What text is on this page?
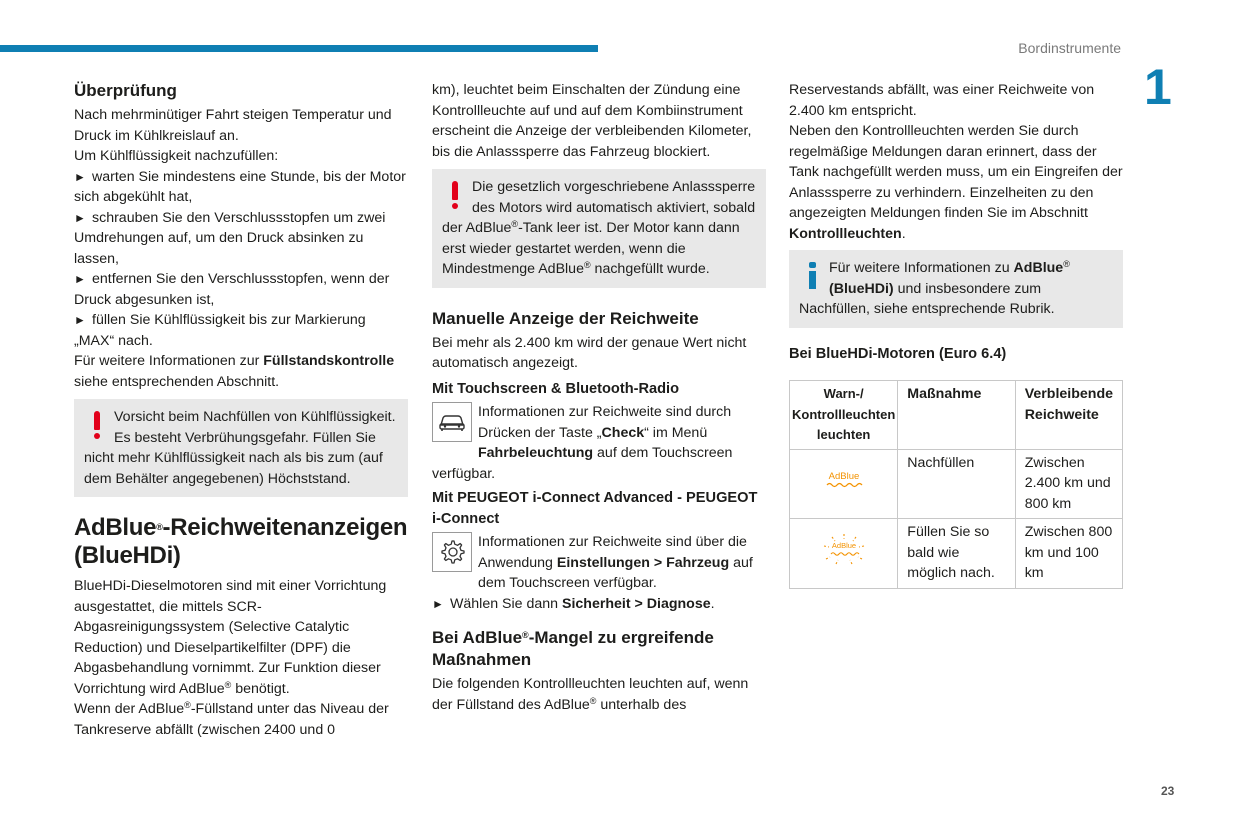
Bordinstrumente
1
23
Überprüfung

Nach mehrminütiger Fahrt steigen Temperatur und Druck im Kühlkreislauf an.

Um Kühlflüssigkeit nachzufüllen:

► warten Sie mindestens eine Stunde, bis der Motor sich abgekühlt hat,

► schrauben Sie den Verschlussstopfen um zwei Umdrehungen auf, um den Druck absinken zu lassen,

► entfernen Sie den Verschlussstopfen, wenn der Druck abgesunken ist,

► füllen Sie Kühlflüssigkeit bis zur Markierung „MAX“ nach.

Für weitere Informationen zur Füllstandskontrolle siehe entsprechenden Abschnitt.

Vorsicht beim Nachfüllen von Kühlflüssigkeit. Es besteht Verbrühungsgefahr. Füllen Sie nicht mehr Kühlflüssigkeit nach als bis zum (auf dem Behälter angegebenen) Höchststand.
AdBlue®-Reichweitenanzeigen (BlueHDi)

BlueHDi-Dieselmotoren sind mit einer Vorrichtung ausgestattet, die mittels SCR-Abgasreinigungssystem (Selective Catalytic Reduction) und Dieselpartikelfilter (DPF) die Abgasbehandlung vornimmt. Zur Funktion dieser Vorrichtung wird AdBlue® benötigt.

Wenn der AdBlue®-Füllstand unter das Niveau der Tankreserve abfällt (zwischen 2400 und 0

km), leuchtet beim Einschalten der Zündung eine Kontrollleuchte auf und auf dem Kombiinstrument erscheint die Anzeige der verbleibenden Kilometer, bis die Anlasssperre das Fahrzeug blockiert.

Die gesetzlich vorgeschriebene Anlasssperre des Motors wird automatisch aktiviert, sobald der AdBlue®-Tank leer ist. Der Motor kann dann erst wieder gestartet werden, wenn die Mindestmenge AdBlue® nachgefüllt wurde.
Manuelle Anzeige der Reichweite

Bei mehr als 2.400 km wird der genaue Wert nicht automatisch angezeigt.

Mit Touchscreen & Bluetooth-Radio

Informationen zur Reichweite sind durch Drücken der Taste „Check“ im Menü Fahrbeleuchtung auf dem Touchscreen verfügbar.

Mit PEUGEOT i-Connect Advanced - PEUGEOT i-Connect

Informationen zur Reichweite sind über die Anwendung Einstellungen > Fahrzeug auf dem Touchscreen verfügbar.

► Wählen Sie dann Sicherheit > Diagnose.

Bei AdBlue®-Mangel zu ergreifende Maßnahmen

Die folgenden Kontrollleuchten leuchten auf, wenn der Füllstand des AdBlue® unterhalb des

Reservestands abfällt, was einer Reichweite von 2.400 km entspricht.

Neben den Kontrollleuchten werden Sie durch regelmäßige Meldungen daran erinnert, dass der Tank nachgefüllt werden muss, um ein Eingreifen der Anlasssperre zu verhindern. Einzelheiten zu den angezeigten Meldungen finden Sie im Abschnitt Kontrollleuchten.

Für weitere Informationen zu AdBlue® (BlueHDi) und insbesondere zum Nachfüllen, siehe entsprechende Rubrik.
Bei BlueHDi-Motoren (Euro 6.4)
Warn-/ Kontrollleuchten leuchten	Maßnahme	Verbleibende Reichweite

AdBlue	Nachfüllen	Zwischen 2.400 km und 800 km

AdBlue	Füllen Sie so bald wie möglich nach.	Zwischen 800 km und 100 km
